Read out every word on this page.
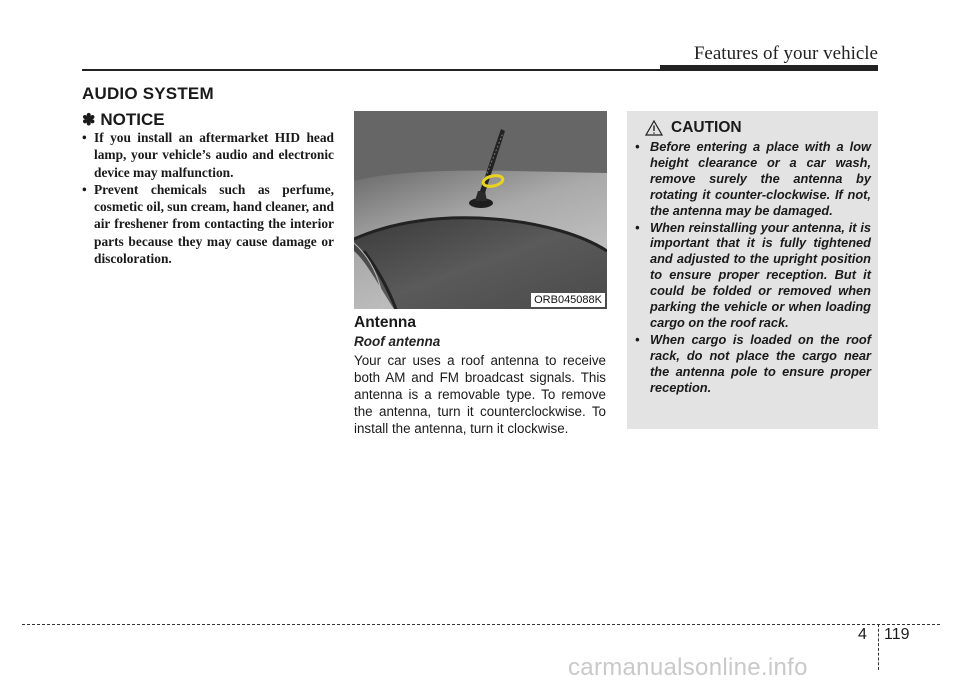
Features of your vehicle
AUDIO SYSTEM
✽ NOTICE
• If you install an aftermarket HID head lamp, your vehicle’s audio and electronic device may malfunction.
• Prevent chemicals such as perfume, cosmetic oil, sun cream, hand cleaner, and air freshener from contacting the interior parts because they may cause damage or discoloration.
ORB045088K
Antenna
Roof antenna
Your car uses a roof antenna to receive both AM and FM broadcast signals. This antenna is a removable type. To remove the antenna, turn it counterclockwise. To install the antenna, turn it clockwise.
CAUTION
• Before entering a place with a low height clearance or a car wash, remove surely the antenna by rotating it counter-clockwise. If not, the antenna may be damaged.
• When reinstalling your antenna, it is important that it is fully tightened and adjusted to the upright position to ensure proper reception. But it could be folded or removed when parking the vehicle or when loading cargo on the roof rack.
• When cargo is loaded on the roof rack, do not place the cargo near the antenna pole to ensure proper reception.
4 119
carmanualsonline.info
